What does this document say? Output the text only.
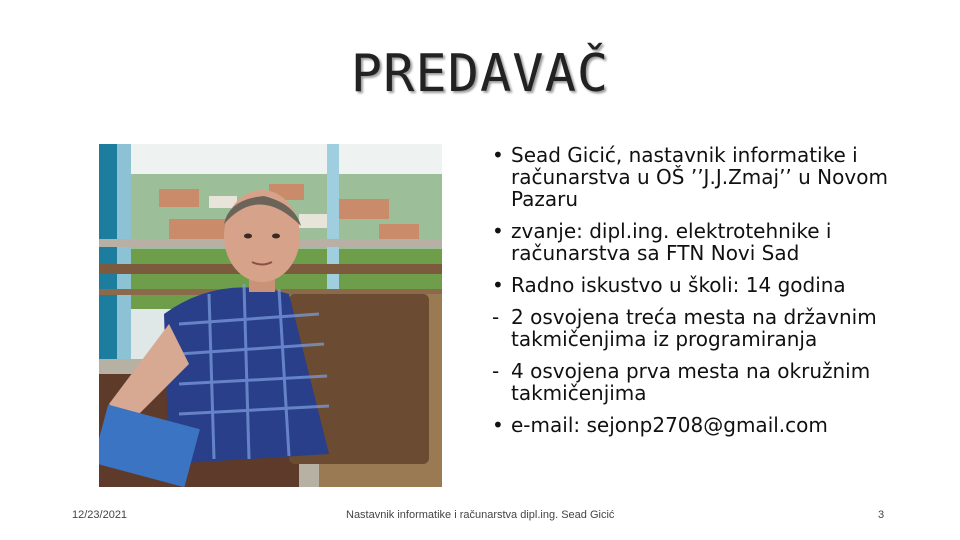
PREDAVAČ
• Sead Gicić, nastavnik informatike i računarstva u OŠ ’’J.J.Zmaj’’ u Novom Pazaru
• zvanje: dipl.ing. elektrotehnike i računarstva sa FTN Novi Sad
• Radno iskustvo u školi: 14 godina
- 2 osvojena treća mesta na državnim takmičenjima iz programiranja
- 4 osvojena prva mesta na okružnim takmičenjima
• e-mail: sejonp2708@gmail.com
12/23/2021	Nastavnik informatike i računarstva dipl.ing. Sead Gicić	3
